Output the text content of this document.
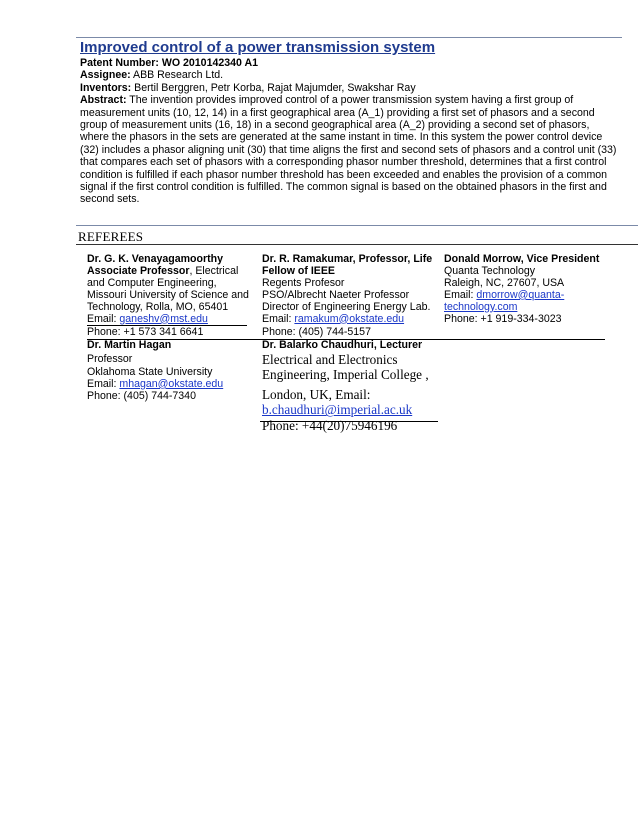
Improved control of a power transmission system
Patent Number: WO 2010142340 A1
Assignee: ABB Research Ltd.
Inventors: Bertil Berggren, Petr Korba, Rajat Majumder, Swakshar Ray
Abstract: The invention provides improved control of a power transmission system having a first group of measurement units (10, 12, 14) in a first geographical area (A_1) providing a first set of phasors and a second group of measurement units (16, 18) in a second geographical area (A_2) providing a second set of phasors, where the phasors in the sets are generated at the same instant in time. In this system the power control device (32) includes a phasor aligning unit (30) that time aligns the first and second sets of phasors and a control unit (33) that compares each set of phasors with a corresponding phasor number threshold, determines that a first control condition is fulfilled if each phasor number threshold has been exceeded and enables the provision of a common signal if the first control condition is fulfilled. The common signal is based on the obtained phasors in the first and second sets.
REFEREES
Dr. G. K. Venayagamoorthy
Associate Professor, Electrical and Computer Engineering, Missouri University of Science and Technology, Rolla, MO, 65401
Email: ganeshv@mst.edu
Phone: +1 573 341 6641
Dr. R. Ramakumar, Professor, Life Fellow of IEEE
Regents Profesor
PSO/Albrecht Naeter Professor
Director of Engineering Energy Lab.
Email: ramakum@okstate.edu
Phone: (405) 744-5157
Donald Morrow, Vice President
Quanta Technology
Raleigh, NC, 27607, USA
Email: dmorrow@quanta-
technology.com
Phone: +1 919-334-3023
Dr. Martin Hagan
Professor
Oklahoma State University
Email: mhagan@okstate.edu
Phone: (405) 744-7340
Dr. Balarko Chaudhuri, Lecturer
Electrical and Electronics
Engineering, Imperial College ,
London, UK, Email:
b.chaudhuri@imperial.ac.uk
Phone: +44(20)75946196
